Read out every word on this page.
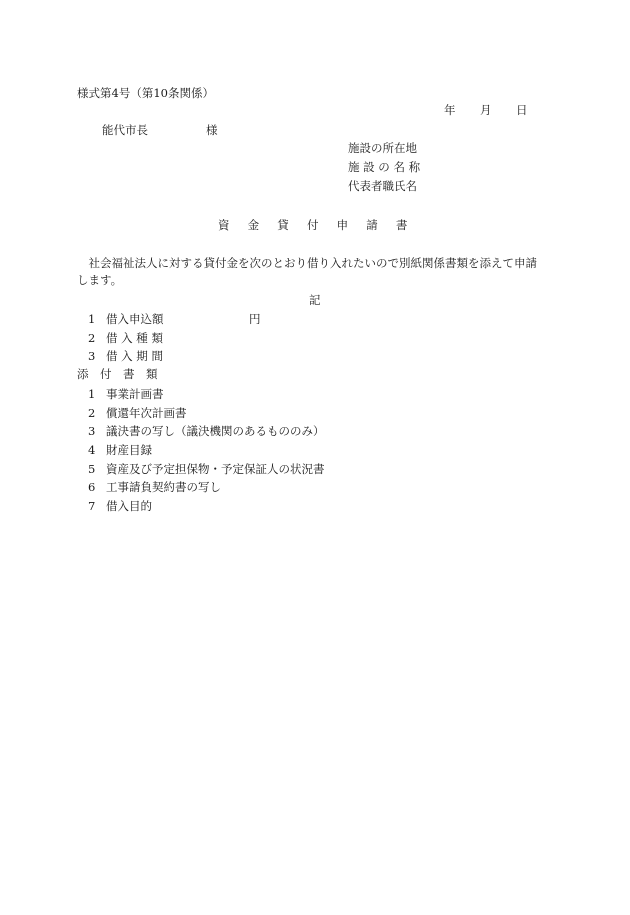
様式第4号（第10条関係）
年 月 日
能代市長	様
施設の所在地
施 設 の 名 称
代表者職氏名
資　 金　 貸　 付　 申　 請　 書
　社会福祉法人に対する貸付金を次のとおり借り入れたいので別紙関係書類を添えて申請
します。
記
1 借入申込額	円
2 借 入 種 類
3 借 入 期 間
添　付　書　類
1 事業計画書
2 償還年次計画書
3 議決書の写し（議決機関のあるもののみ）
4 財産目録
5 資産及び予定担保物・予定保証人の状況書
6 工事請負契約書の写し
7 借入目的
